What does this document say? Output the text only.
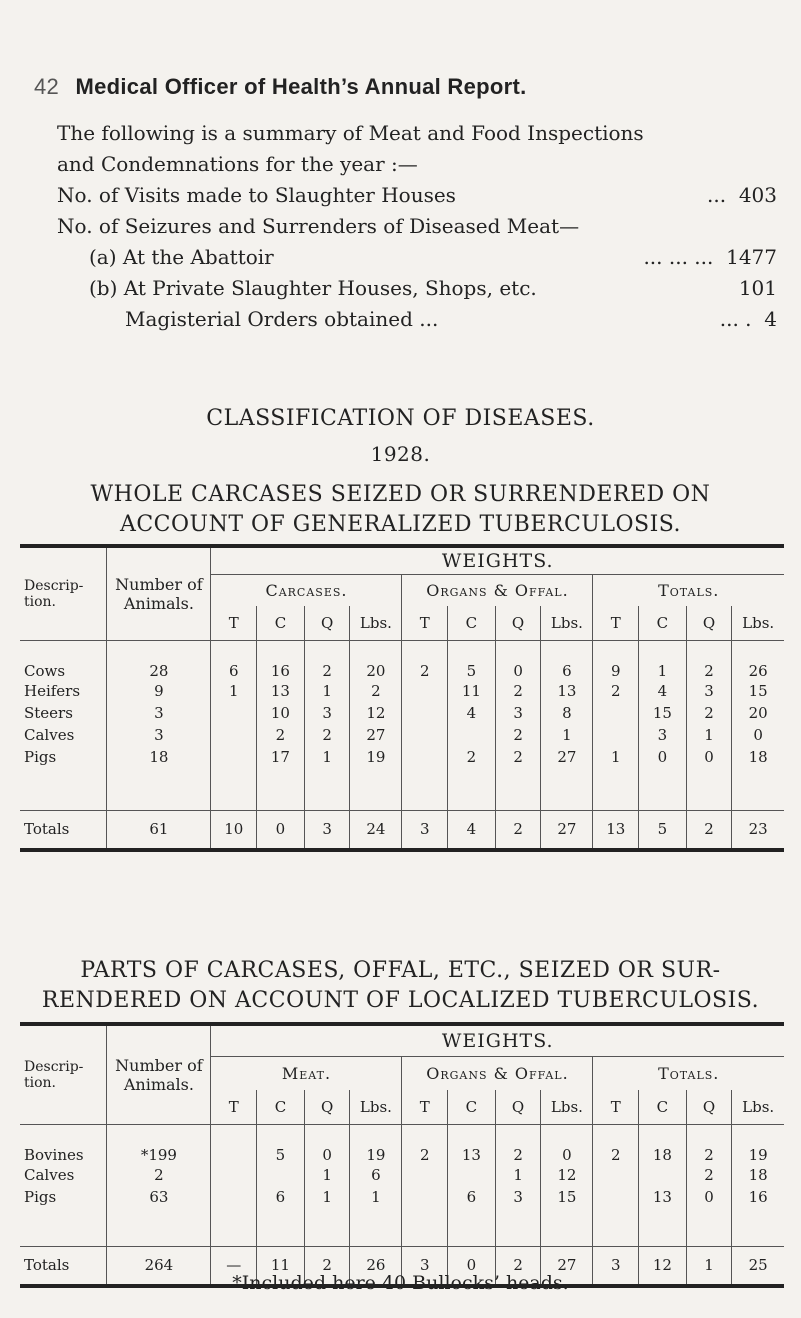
42 Medical Officer of Health’s Annual Report.
The following is a summary of Meat and Food Inspections
and Condemnations for the year :—
No. of Visits made to Slaughter Houses	... 403
No. of Seizures and Surrenders of Diseased Meat—
(a) At the Abattoir	... ... ... 1477
(b) At Private Slaughter Houses, Shops, etc.	101
Magisterial Orders obtained ...	... . 4
CLASSIFICATION OF DISEASES.
1928.
WHOLE CARCASES SEIZED OR SURRENDERED ON
ACCOUNT OF GENERALIZED TUBERCULOSIS.
Descrip-tion.	Number of Animals.	WEIGHTS.											
		Carcases.				Organs & Offal.				Totals.			
		T	C	Q	Lbs.	T	C	Q	Lbs.	T	C	Q	Lbs.
Cows	28	6	16	2	20	2	5	0	6	9	1	2	26
Heifers	9	1	13	1	2		11	2	13	2	4	3	15
Steers	3		10	3	12		4	3	8		15	2	20
Calves	3		2	2	27			2	1		3	1	0
Pigs	18		17	1	19		2	2	27	1	0	0	18

Totals	61	10	0	3	24	3	4	2	27	13	5	2	23
PARTS OF CARCASES, OFFAL, ETC., SEIZED OR SUR-
RENDERED ON ACCOUNT OF LOCALIZED TUBERCULOSIS.
Descrip-tion.	Number of Animals.	WEIGHTS.											
		Meat.				Organs & Offal.				Totals.			
		T	C	Q	Lbs.	T	C	Q	Lbs.	T	C	Q	Lbs.
Bovines	*199		5	0	19	2	13	2	0	2	18	2	19
Calves	2			1	6			1	12			2	18
Pigs	63		6	1	1		6	3	15		13	0	16

Totals	264	—	11	2	26	3	0	2	27	3	12	1	25
*Included here 40 Bullocks’ heads.
